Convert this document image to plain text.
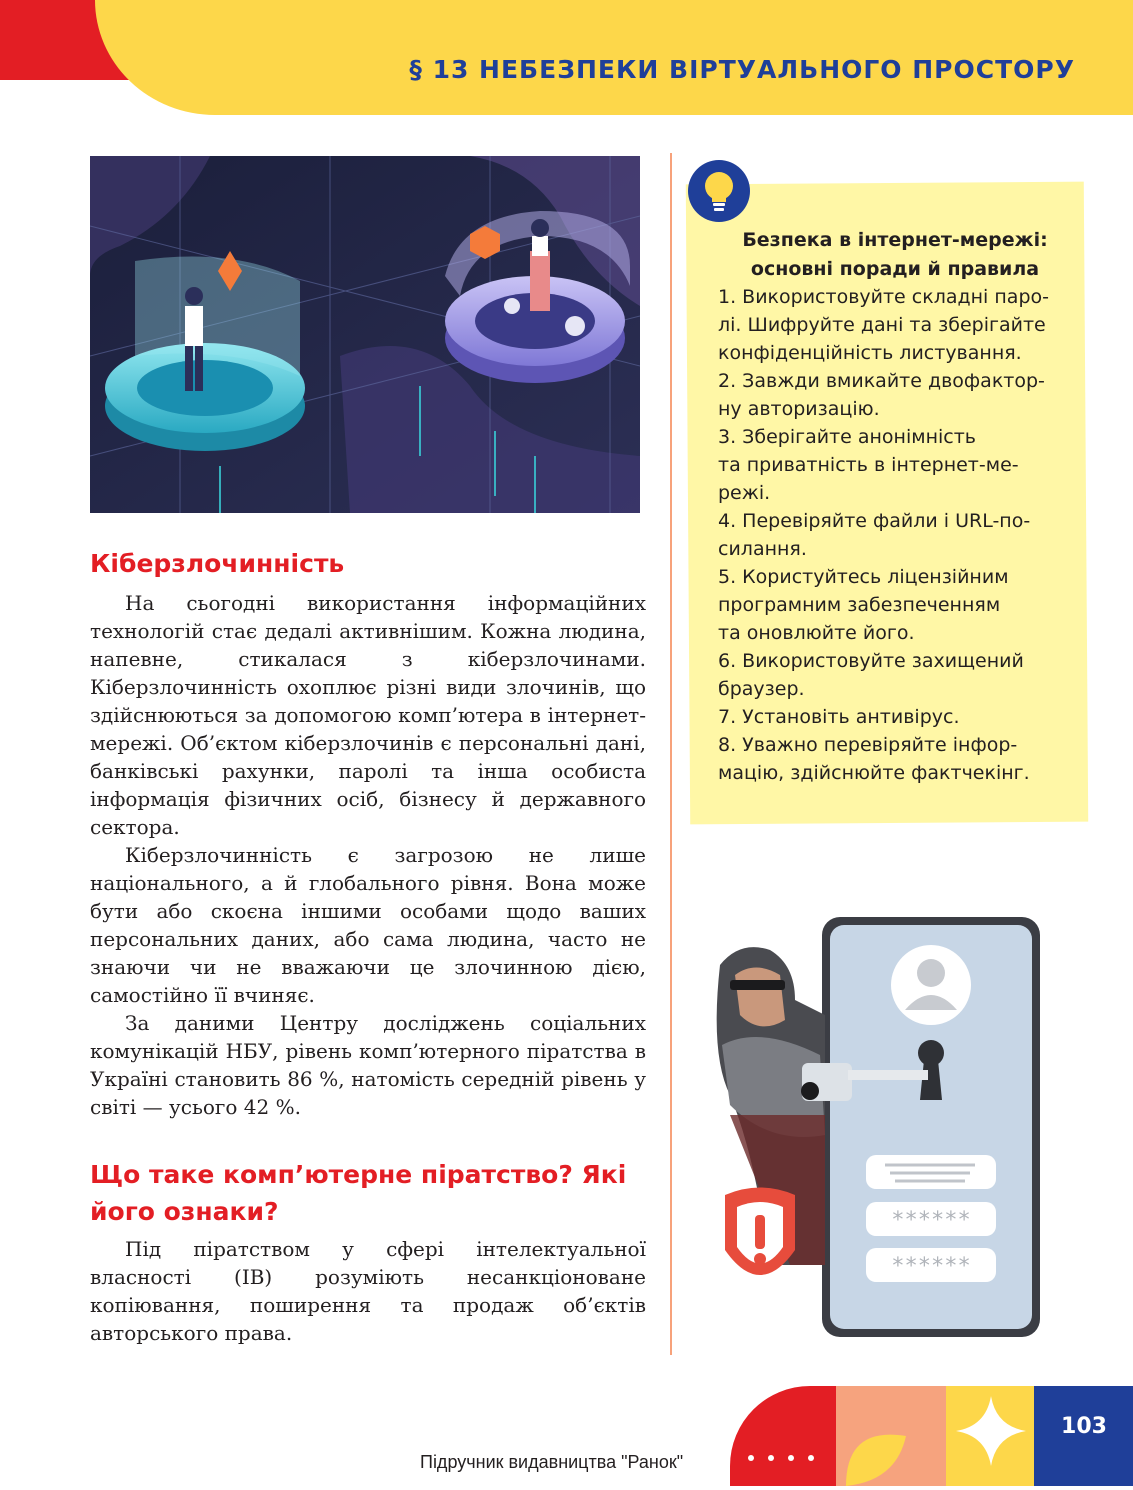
§ 13 НЕБЕЗПЕКИ ВІРТУАЛЬНОГО ПРОСТОРУ
Кіберзлочинність

На сьогодні використання інформаційних технологій стає дедалі активнішим. Кожна людина, напевне, стикалася з кіберзлочинами. Кіберзлочинність охоплює різні види злочинів, що здійснюються за допомогою комп’ютера в інтернет-мережі. Об’єктом кіберзлочинів є персональні дані, банківські рахунки, паролі та інша особиста інформація фізичних осіб, бізнесу й державного сектора.

Кіберзлочинність є загрозою не лише національного, а й глобального рівня. Вона може бути або скоєна іншими особами щодо ваших персональних даних, або сама людина, часто не знаючи чи не вважаючи це злочинною дією, самостійно її вчиняє.

За даними Центру досліджень соціальних комунікацій НБУ, рівень комп’ютерного піратства в Україні становить 86 %, натомість середній рівень у світі — усього 42 %.

Що таке комп’ютерне піратство? Які його ознаки?

Під піратством у сфері інтелектуальної власності (ІВ) розуміють несанкціоноване копіювання, поширення та продаж об’єктів авторського права.

Безпека в інтернет-мережі:
основні поради й правила
1. Використовуйте складні паро-
лі. Шифруйте дані та зберігайте
конфіденційність листування.
2. Завжди вмикайте двофактор-
ну авторизацію.
3. Зберігайте анонімність
та приватність в інтернет-ме-
режі.
4. Перевіряйте файли і URL-по-
силання.
5. Користуйтесь ліцензійним
програмним забезпеченням
та оновлюйте його.
6. Використовуйте захищений
браузер.
7. Установіть антивірус.
8. Уважно перевіряйте інфор-
мацію, здійснюйте фактчекінг.
******
******
103
Підручник видавництва "Ранок"
